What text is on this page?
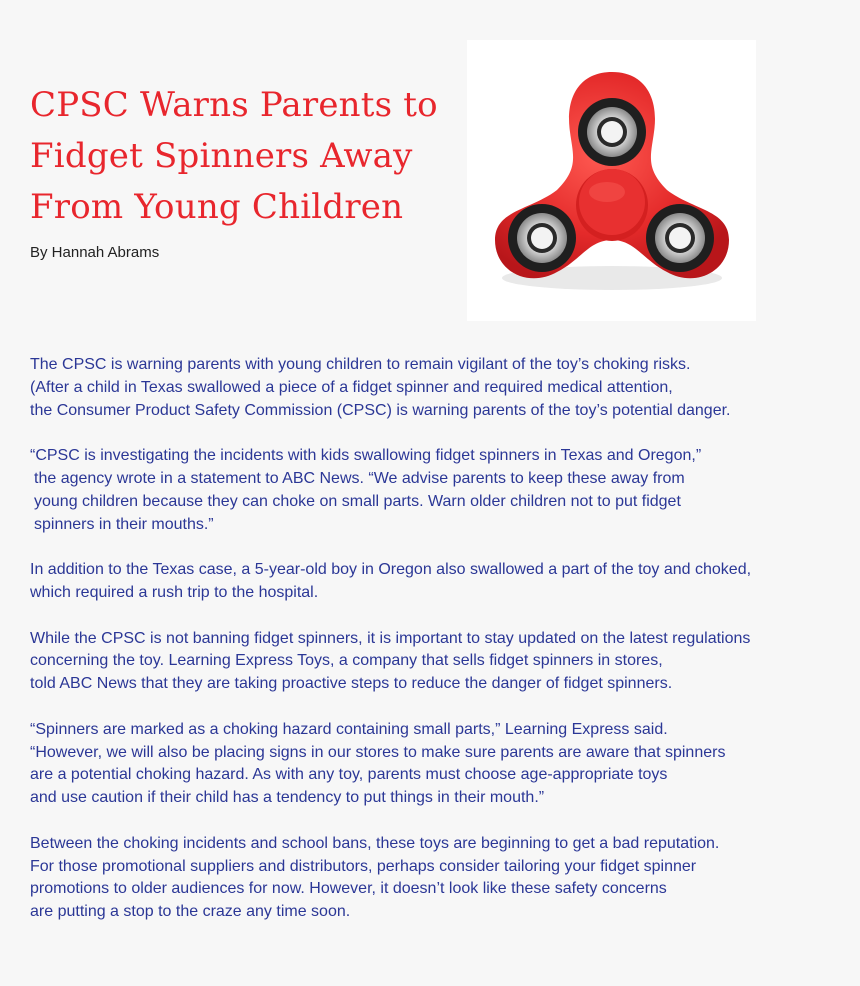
CPSC Warns Parents to
Fidget Spinners Away
From Young Children

By Hannah Abrams

The CPSC is warning parents with young children to remain vigilant of the toy’s choking risks.
(After a child in Texas swallowed a piece of a fidget spinner and required medical attention,
the Consumer Product Safety Commission (CPSC) is warning parents of the toy’s potential danger.

“CPSC is investigating the incidents with kids swallowing fidget spinners in Texas and Oregon,”
the agency wrote in a statement to ABC News. “We advise parents to keep these away from
young children because they can choke on small parts. Warn older children not to put fidget
spinners in their mouths.”

In addition to the Texas case, a 5-year-old boy in Oregon also swallowed a part of the toy and choked,
which required a rush trip to the hospital.

While the CPSC is not banning fidget spinners, it is important to stay updated on the latest regulations
concerning the toy. Learning Express Toys, a company that sells fidget spinners in stores,
told ABC News that they are taking proactive steps to reduce the danger of fidget spinners.

“Spinners are marked as a choking hazard containing small parts,” Learning Express said.
“However, we will also be placing signs in our stores to make sure parents are aware that spinners
are a potential choking hazard. As with any toy, parents must choose age-appropriate toys
and use caution if their child has a tendency to put things in their mouth.”

Between the choking incidents and school bans, these toys are beginning to get a bad reputation.
For those promotional suppliers and distributors, perhaps consider tailoring your fidget spinner
promotions to older audiences for now. However, it doesn’t look like these safety concerns
are putting a stop to the craze any time soon.
